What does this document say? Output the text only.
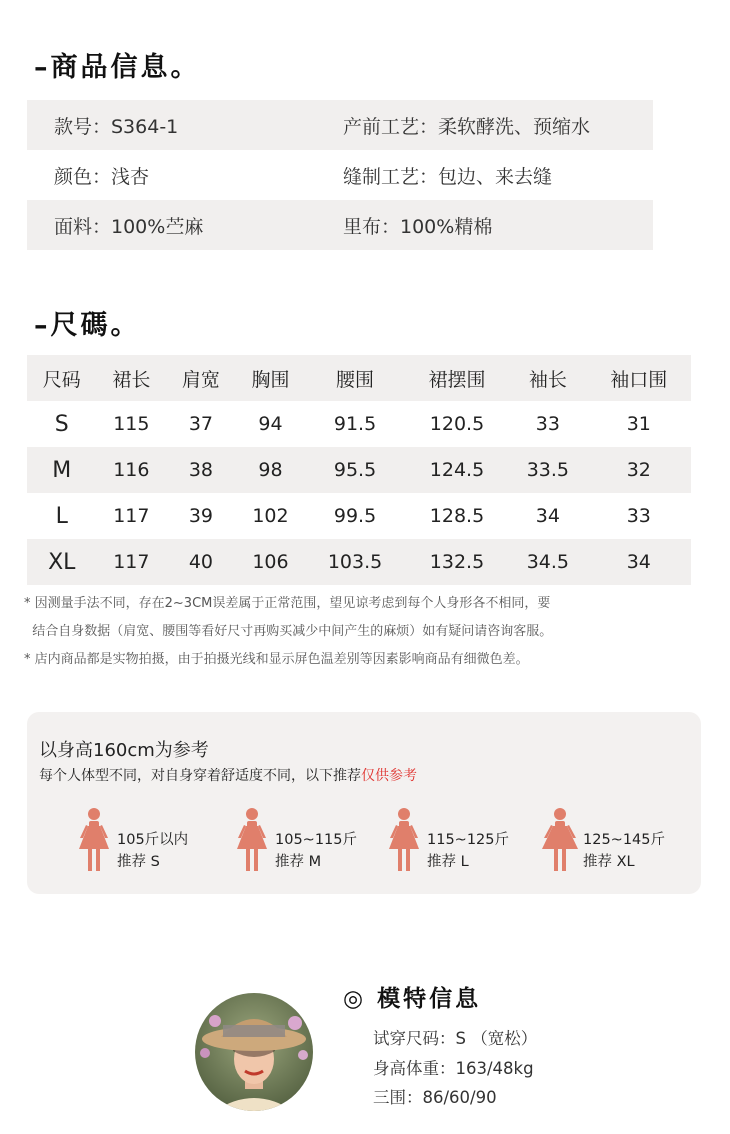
–商品信息。
款号：S364-1	产前工艺：柔软酵洗、预缩水
颜色：浅杏	缝制工艺：包边、来去缝
面料：100%苎麻	里布：100%精棉
–尺碼。
尺码	裙长	肩宽	胸围	腰围	裙摆围	袖长	袖口围
S	115	37	94	91.5	120.5	33	31
M	116	38	98	95.5	124.5	33.5	32
L	117	39	102	99.5	128.5	34	33
XL	117	40	106	103.5	132.5	34.5	34
* 因测量手法不同，存在2~3CM误差属于正常范围，望见谅考虑到每个人身形各不相同，要
结合自身数据（肩宽、腰围等看好尺寸再购买减少中间产生的麻烦）如有疑问请咨询客服。
* 店内商品都是实物拍摄，由于拍摄光线和显示屏色温差别等因素影响商品有细微色差。
以身高160cm为参考
每个人体型不同，对自身穿着舒适度不同，以下推荐仅供参考
105斤以内
推荐 S
105~115斤
推荐 M
115~125斤
推荐 L
125~145斤
推荐 XL
◎ 模特信息
试穿尺码：S （宽松）
身高体重：163/48kg
三围：86/60/90
